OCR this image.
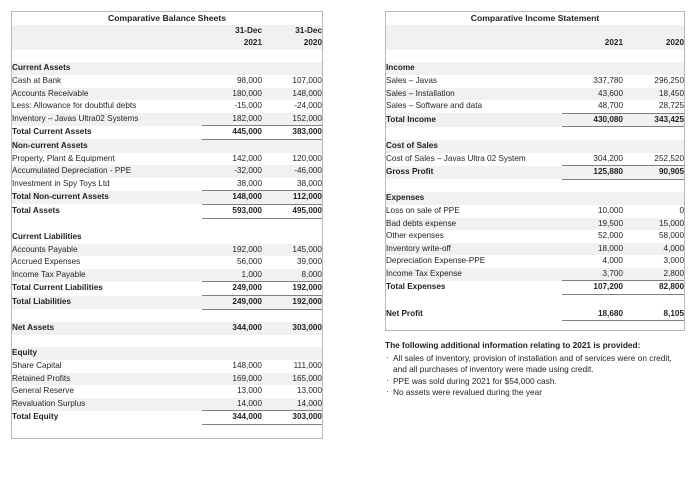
Comparative Balance Sheets		
	31-Dec	31-Dec
	2021	2020

Current Assets		
Cash at Bank	98,000	107,000
Accounts Receivable	180,000	148,000
Less: Allowance for doubtful debts	-15,000	-24,000
Inventory – Javas Ultra02 Systems	182,000	152,000
Total Current Assets	445,000	383,000
Non-current Assets		
Property, Plant & Equipment	142,000	120,000
Accumulated Depreciation - PPE	-32,000	-46,000
Investment in Spy Toys Ltd	38,000	38,000
Total Non-current Assets	148,000	112,000
Total Assets	593,000	495,000

Current Liabilities		
Accounts Payable	192,000	145,000
Accrued Expenses	56,000	39,000
Income Tax Payable	1,000	8,000
Total Current Liabilities	249,000	192,000
Total Liabilities	249,000	192,000

Net Assets	344,000	303,000

Equity		
Share Capital	148,000	111,000
Retained Profits	169,000	165,000
General Reserve	13,000	13,000
Revaluation Surplus	14,000	14,000
Total Equity	344,000	303,000
Comparative Income Statement		

	2021	2020

Income		
Sales – Javas	337,780	296,250
Sales – Installation	43,600	18,450
Sales – Software and data	48,700	28,725
Total Income	430,080	343,425

Cost of Sales		
Cost of Sales – Javas Ultra 02 System	304,200	252,520
Gross Profit	125,880	90,905

Expenses		
Loss on sale of PPE	10,000	0
Bad debts expense	19,500	15,000
Other expenses	52,000	58,000
Inventory write-off	18,000	4,000
Depreciation Expense-PPE	4,000	3,000
Income Tax Expense	3,700	2,800
Total Expenses	107,200	82,800

Net Profit	18,680	8,105

The following additional information relating to 2021 is provided:

· All sales of inventory, provision of installation and of services were on credit, and all purchases of inventory were made using credit.
· PPE was sold during 2021 for $54,000 cash.
· No assets were revalued during the year
